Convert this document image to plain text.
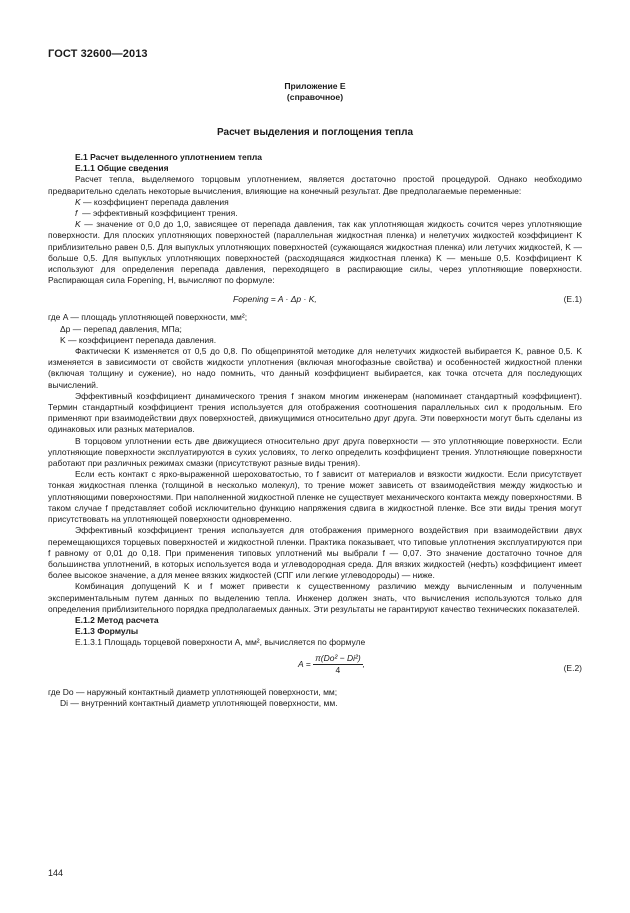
ГОСТ 32600—2013
Приложение Е
(справочное)
Расчет выделения и поглощения тепла

Е.1 Расчет выделенного уплотнением тепла

Е.1.1 Общие сведения

Расчет тепла, выделяемого торцовым уплотнением, является достаточно простой процедурой. Однако необходимо предварительно сделать некоторые вычисления, влияющие на конечный результат. Две предполагаемые переменные:

K — коэффициент перепада давления

f — эффективный коэффициент трения.

K — значение от 0,0 до 1,0, зависящее от перепада давления, так как уплотняющая жидкость сочится через уплотняющие поверхности. Для плоских уплотняющих поверхностей (параллельная жидкостная пленка) и нелетучих жидкостей коэффициент K приблизительно равен 0,5. Для выпуклых уплотняющих поверхностей (сужающаяся жидкостная пленка) или летучих жидкостей, K — больше 0,5. Для выпуклых уплотняющих поверхностей (расходящаяся жидкостная пленка) K — меньше 0,5. Коэффициент K используют для определения перепада давления, переходящего в распирающие силы, через уплотняющие поверхности. Распирающая сила Fopening, Н, вычисляют по формуле:

Fopening = A · Δp · K,	(Е.1)

где A — площадь уплотняющей поверхности, мм²;

Δp — перепад давления, МПа;

K — коэффициент перепада давления.

Фактически K изменяется от 0,5 до 0,8. По общепринятой методике для нелетучих жидкостей выбирается K, равное 0,5. K изменяется в зависимости от свойств жидкости уплотнения (включая многофазные свойства) и особенностей жидкостной пленки (включая толщину и сужение), но надо помнить, что данный коэффициент выбирается, как точка отсчета для последующих вычислений.

Эффективный коэффициент динамического трения f знаком многим инженерам (напоминает стандартный коэффициент). Термин стандартный коэффициент трения используется для отображения соотношения параллельных сил к продольным. Его применяют при взаимодействии двух поверхностей, движущимися относительно друг друга. Эти поверхности могут быть сделаны из одинаковых или разных материалов.

В торцовом уплотнении есть две движущиеся относительно друг друга поверхности — это уплотняющие поверхности. Если уплотняющие поверхности эксплуатируются в сухих условиях, то легко определить коэффициент трения. Уплотняющие поверхности работают при различных режимах смазки (присутствуют разные виды трения).

Если есть контакт с ярко-выраженной шероховатостью, то f зависит от материалов и вязкости жидкости. Если присутствует тонкая жидкостная пленка (толщиной в несколько молекул), то трение может зависеть от взаимодействия между жидкостью и уплотняющими поверхностями. При наполненной жидкостной пленке не существует механического контакта между поверхностями. В таком случае f представляет собой исключительно функцию напряжения сдвига в жидкостной пленке. Все эти виды трения могут присутствовать на уплотняющей поверхности одновременно.

Эффективный коэффициент трения используется для отображения примерного воздействия при взаимодействии двух перемещающихся торцевых поверхностей и жидкостной пленки. Практика показывает, что типовые уплотнения эксплуатируются при f равному от 0,01 до 0,18. При применения типовых уплотнений мы выбрали f — 0,07. Это значение достаточно точное для большинства уплотнений, в которых используется вода и углеводородная среда. Для вязких жидкостей (нефть) коэффициент имеет более высокое значение, а для менее вязких жидкостей (СПГ или легкие углеводороды) — ниже.

Комбинация допущений K и f может привести к существенному различию между вычисленным и полученным экспериментальным путем данных по выделению тепла. Инженер должен знать, что вычисления используются только для определения приблизительного порядка предполагаемых данных. Эти результаты не гарантируют качество технических показателей.

Е.1.2 Метод расчета

Е.1.3 Формулы

Е.1.3.1 Площадь торцевой поверхности A, мм², вычисляется по формуле

$A = \frac{\text{π(Dо² − Di²)}}{4}$ ,	(Е.2)

где Dо — наружный контактный диаметр уплотняющей поверхности, мм;

Di — внутренний контактный диаметр уплотняющей поверхности, мм.

144
